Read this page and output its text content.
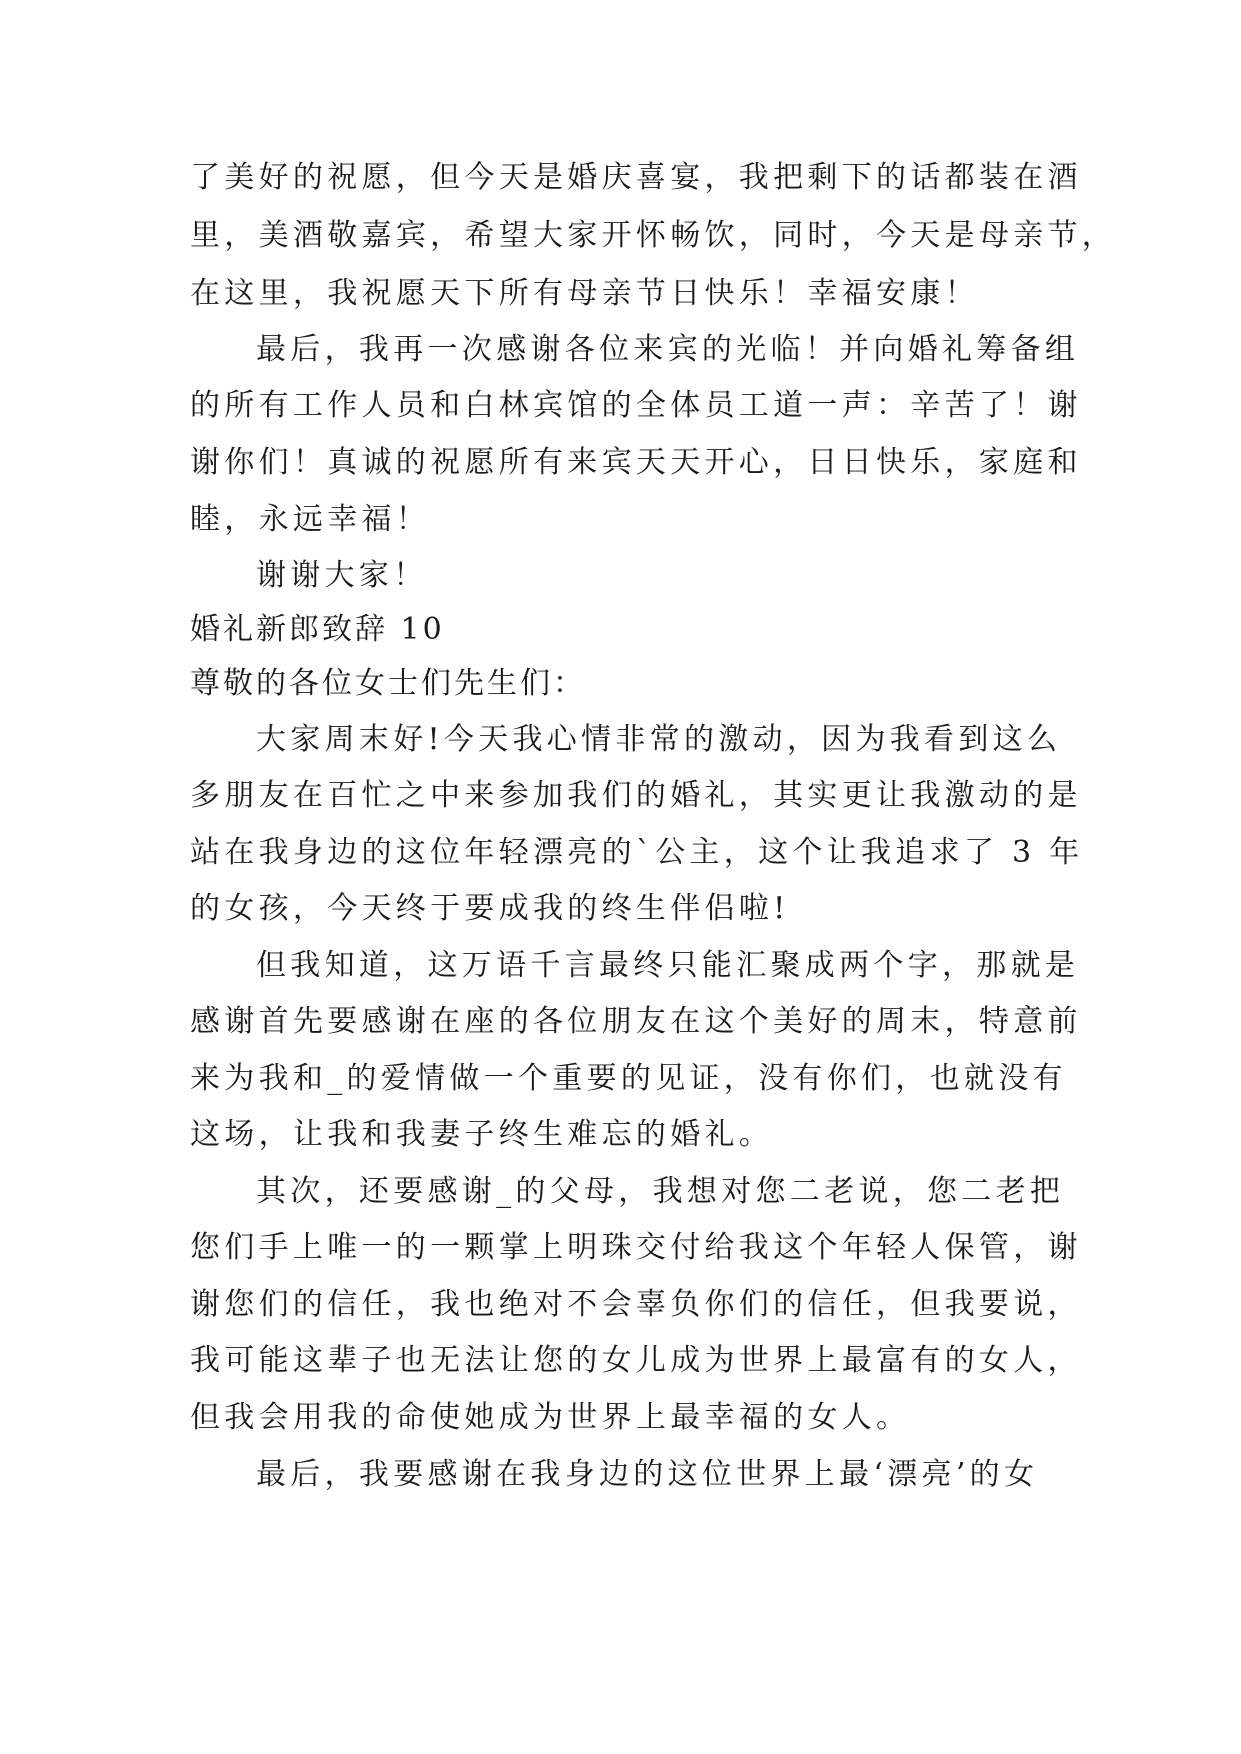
了美好的祝愿，但今天是婚庆喜宴，我把剩下的话都装在酒
里，美酒敬嘉宾，希望大家开怀畅饮，同时，今天是母亲节，
在这里，我祝愿天下所有母亲节日快乐！幸福安康！
最后，我再一次感谢各位来宾的光临！并向婚礼筹备组
的所有工作人员和白林宾馆的全体员工道一声：辛苦了！谢
谢你们！真诚的祝愿所有来宾天天开心，日日快乐，家庭和
睦，永远幸福！
谢谢大家！
婚礼新郎致辞 10
尊敬的各位女士们先生们：
大家周末好!今天我心情非常的激动，因为我看到这么
多朋友在百忙之中来参加我们的婚礼，其实更让我激动的是
站在我身边的这位年轻漂亮的`公主，这个让我追求了 3 年
的女孩，今天终于要成我的终生伴侣啦!
但我知道，这万语千言最终只能汇聚成两个字，那就是
感谢首先要感谢在座的各位朋友在这个美好的周末，特意前
来为我和_的爱情做一个重要的见证，没有你们，也就没有
这场，让我和我妻子终生难忘的婚礼。
其次，还要感谢_的父母，我想对您二老说，您二老把
您们手上唯一的一颗掌上明珠交付给我这个年轻人保管，谢
谢您们的信任，我也绝对不会辜负你们的信任，但我要说，
我可能这辈子也无法让您的女儿成为世界上最富有的女人，
但我会用我的命使她成为世界上最幸福的女人。
最后，我要感谢在我身边的这位世界上最‘漂亮’的女
